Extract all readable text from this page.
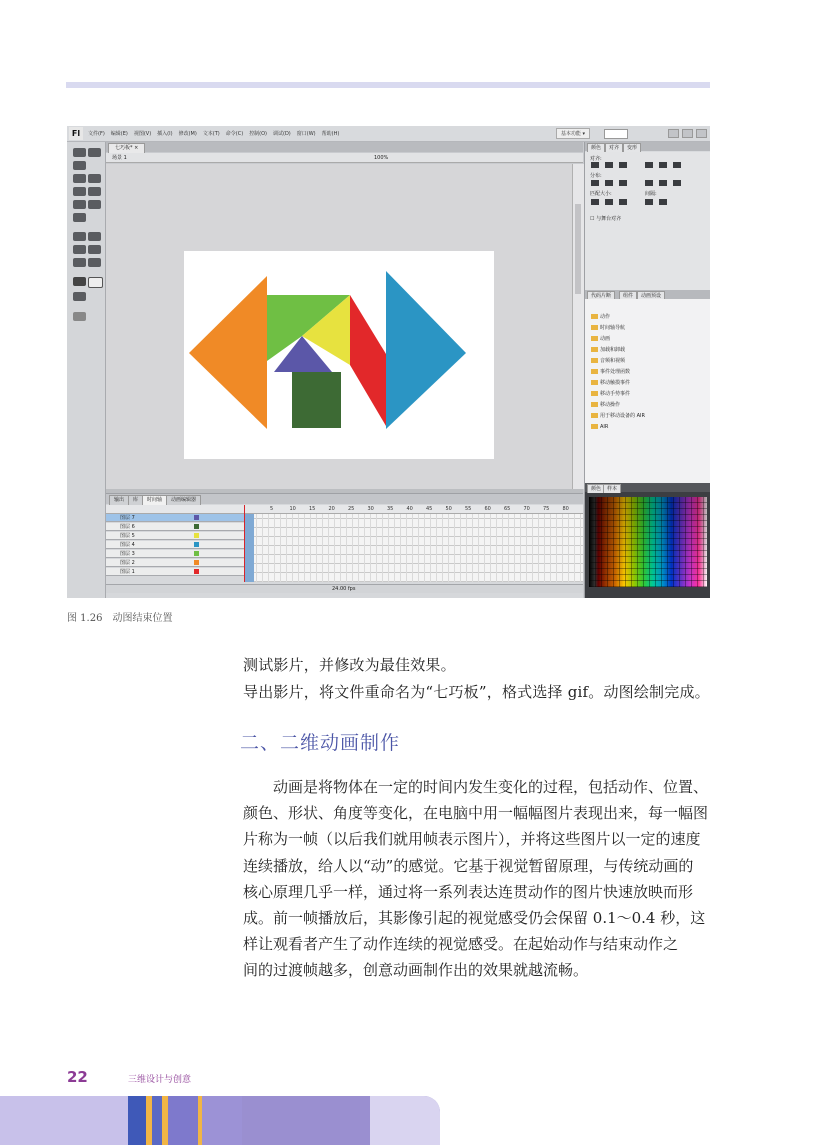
Fl	文件(F) 编辑(E) 视图(V) 插入(I) 修改(M) 文本(T) 命令(C) 控制(O) 调试(D) 窗口(W) 帮助(H)	基本功能 ▾
七巧板* ×
场景 1	100%
输出	库	时间轴	动画编辑器
5	10	15	20	25	30	35	40	45	50	55	60	65	70	75	80
图层 7
图层 6
图层 5
图层 4
图层 3
图层 2
图层 1
24.00 fps
颜色	对齐	变形
对齐:
分布:
匹配大小:	间隔:
☐ 与舞台对齐
代码片断	组件	动画预设
动作
时间轴导航
动画
加载和卸载
音频和视频
事件处理函数
移动触摸事件
移动手势事件
移动操作
用于移动设备的 AIR
AIR
颜色	样本
图 1.26　动图结束位置
测试影片，并修改为最佳效果。
导出影片，将文件重命名为“七巧板”，格式选择 gif。动图绘制完成。
二、二维动画制作
动画是将物体在一定的时间内发生变化的过程，包括动作、位置、
颜色、形状、角度等变化，在电脑中用一幅幅图片表现出来，每一幅图
片称为一帧（以后我们就用帧表示图片），并将这些图片以一定的速度
连续播放，给人以“动”的感觉。它基于视觉暂留原理，与传统动画的
核心原理几乎一样，通过将一系列表达连贯动作的图片快速放映而形
成。前一帧播放后，其影像引起的视觉感受仍会保留 0.1～0.4 秒，这
样让观看者产生了动作连续的视觉感受。在起始动作与结束动作之
间的过渡帧越多，创意动画制作出的效果就越流畅。
22	三维设计与创意
